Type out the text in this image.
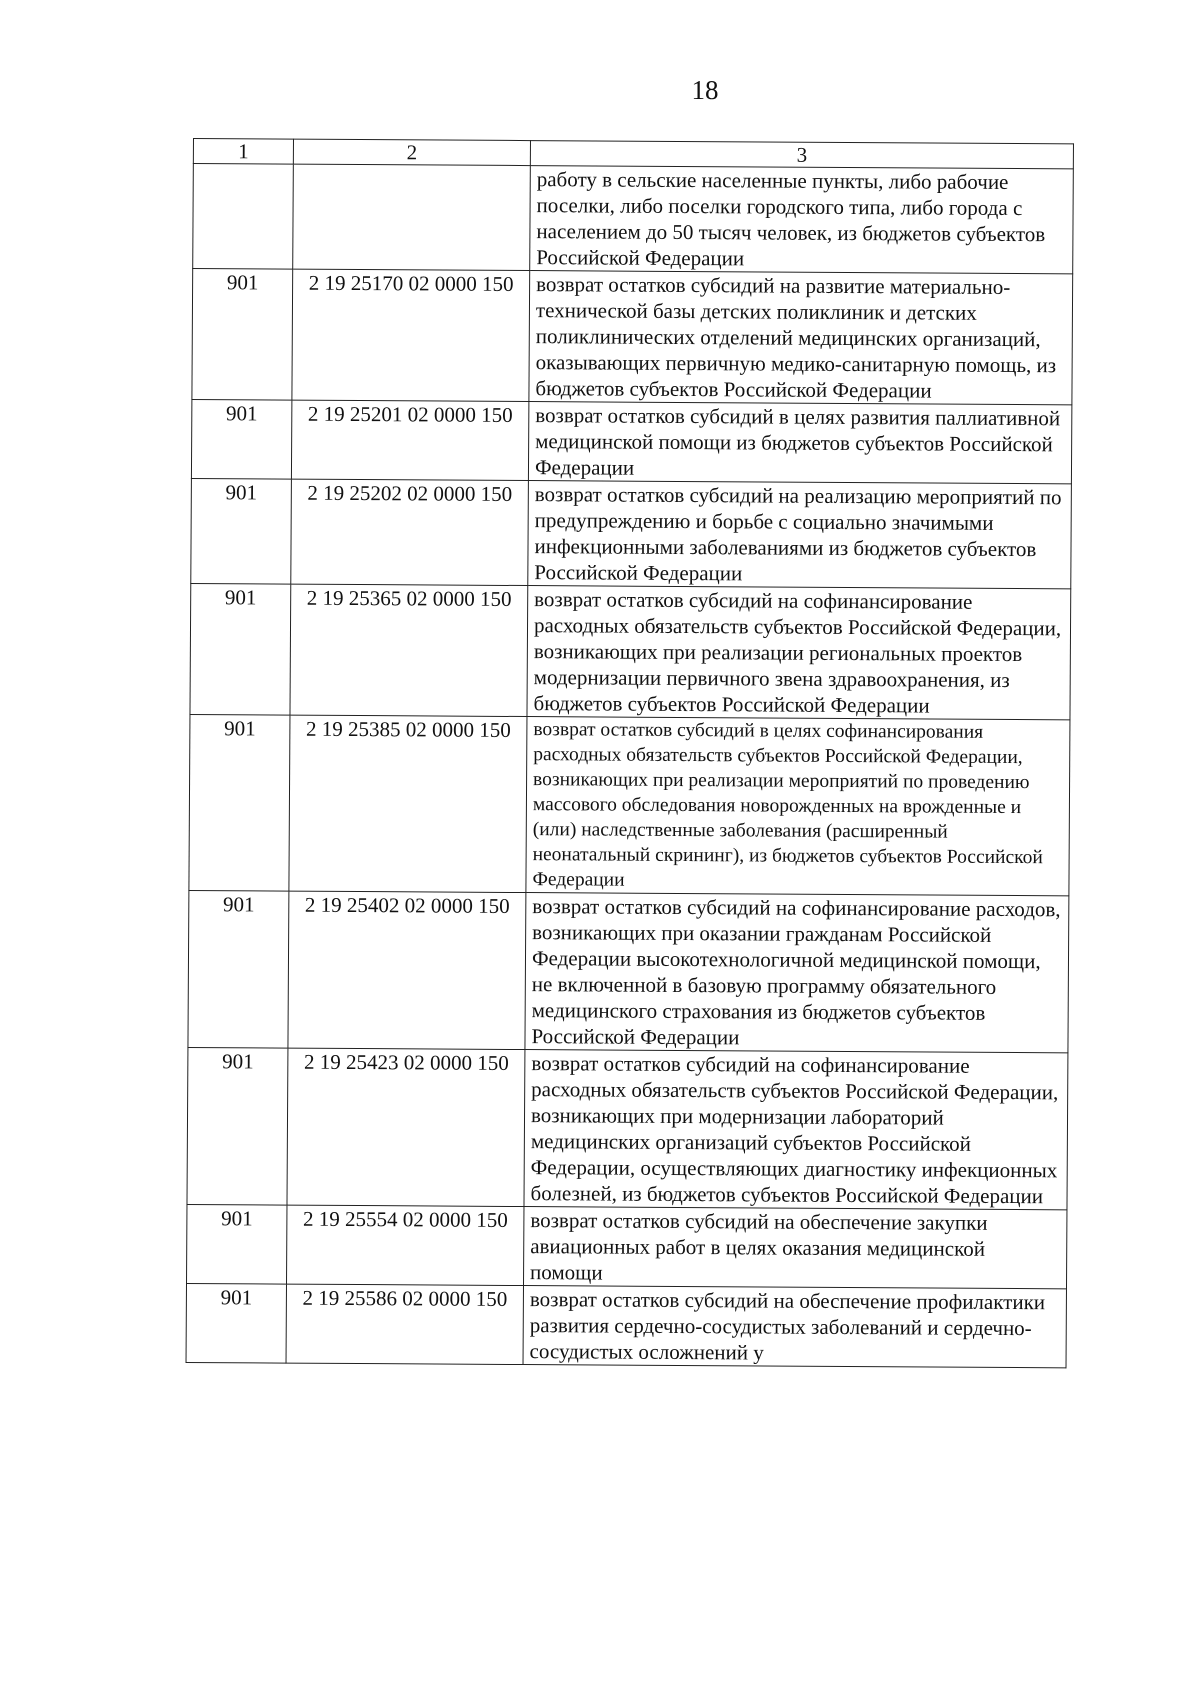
18
1	2	3
		работу в сельские населенные пункты, либо рабочие поселки, либо поселки городского типа, либо города с населением до 50 тысяч человек, из бюджетов субъектов Российской Федерации
901	2 19 25170 02 0000 150	возврат остатков субсидий на развитие материально-технической базы детских поликлиник и детских поликлинических отделений медицинских организаций, оказывающих первичную медико-санитарную помощь, из бюджетов субъектов Российской Федерации
901	2 19 25201 02 0000 150	возврат остатков субсидий в целях развития паллиативной медицинской помощи из бюджетов субъектов Российской Федерации
901	2 19 25202 02 0000 150	возврат остатков субсидий на реализацию мероприятий по предупреждению и борьбе с социально значимыми инфекционными заболеваниями из бюджетов субъектов Российской Федерации
901	2 19 25365 02 0000 150	возврат остатков субсидий на софинансирование расходных обязательств субъектов Российской Федерации, возникающих при реализации региональных проектов модернизации первичного звена здравоохранения, из бюджетов субъектов Российской Федерации
901	2 19 25385 02 0000 150	возврат остатков субсидий в целях софинансирования расходных обязательств субъектов Российской Федерации, возникающих при реализации мероприятий по проведению массового обследования новорожденных на врожденные и (или) наследственные заболевания (расширенный неонатальный скрининг), из бюджетов субъектов Российской Федерации
901	2 19 25402 02 0000 150	возврат остатков субсидий на софинансирование расходов, возникающих при оказании гражданам Российской Федерации высокотехнологичной медицинской помощи, не включенной в базовую программу обязательного медицинского страхования из бюджетов субъектов Российской Федерации
901	2 19 25423 02 0000 150	возврат остатков субсидий на софинансирование расходных обязательств субъектов Российской Федерации, возникающих при модернизации лабораторий медицинских организаций субъектов Российской Федерации, осуществляющих диагностику инфекционных болезней, из бюджетов субъектов Российской Федерации
901	2 19 25554 02 0000 150	возврат остатков субсидий на обеспечение закупки авиационных работ в целях оказания медицинской помощи
901	2 19 25586 02 0000 150	возврат остатков субсидий на обеспечение профилактики развития сердечно-сосудистых заболеваний и сердечно-сосудистых осложнений у
